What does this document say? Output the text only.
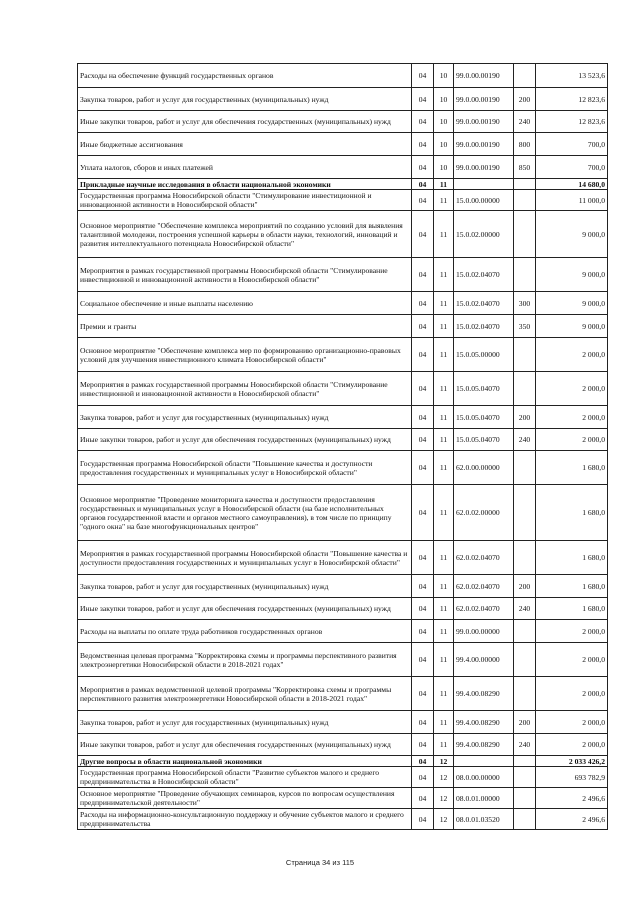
Расходы на обеспечение функций государственных органов	04	10	99.0.00.00190		13 523,6
Закупка товаров, работ и услуг для государственных (муниципальных) нужд	04	10	99.0.00.00190	200	12 823,6
Иные закупки товаров, работ и услуг для обеспечения государственных (муниципальных) нужд	04	10	99.0.00.00190	240	12 823,6
Иные бюджетные ассигнования	04	10	99.0.00.00190	800	700,0
Уплата налогов, сборов и иных платежей	04	10	99.0.00.00190	850	700,0
Прикладные научные исследования в области национальной экономики	04	11			14 680,0
Государственная программа Новосибирской области "Стимулирование инвестиционной и инновационной активности в Новосибирской области"	04	11	15.0.00.00000		11 000,0
Основное мероприятие "Обеспечение комплекса мероприятий по созданию условий для выявления талантливой молодежи, построения успешной карьеры в области науки, технологий, инноваций и развития интеллектуального потенциала Новосибирской области"	04	11	15.0.02.00000		9 000,0
Мероприятия в рамках государственной программы Новосибирской области "Стимулирование инвестиционной и инновационной активности в Новосибирской области"	04	11	15.0.02.04070		9 000,0
Социальное обеспечение и иные выплаты населению	04	11	15.0.02.04070	300	9 000,0
Премии и гранты	04	11	15.0.02.04070	350	9 000,0
Основное мероприятие "Обеспечение комплекса мер по формированию организационно-правовых условий для улучшения инвестиционного климата Новосибирской области"	04	11	15.0.05.00000		2 000,0
Мероприятия в рамках государственной программы Новосибирской области "Стимулирование инвестиционной и инновационной активности в Новосибирской области"	04	11	15.0.05.04070		2 000,0
Закупка товаров, работ и услуг для государственных (муниципальных) нужд	04	11	15.0.05.04070	200	2 000,0
Иные закупки товаров, работ и услуг для обеспечения государственных (муниципальных) нужд	04	11	15.0.05.04070	240	2 000,0
Государственная программа Новосибирской области "Повышение качества и доступности предоставления государственных и муниципальных услуг в Новосибирской области"	04	11	62.0.00.00000		1 680,0
Основное мероприятие "Проведение мониторинга качества и доступности предоставления государственных и муниципальных услуг в Новосибирской области (на базе исполнительных органов государственной власти и органов местного самоуправления), в том числе по принципу "одного окна" на базе многофункциональных центров"	04	11	62.0.02.00000		1 680,0
Мероприятия в рамках государственной программы Новосибирской области "Повышение качества и доступности предоставления государственных и муниципальных услуг в Новосибирской области"	04	11	62.0.02.04070		1 680,0
Закупка товаров, работ и услуг для государственных (муниципальных) нужд	04	11	62.0.02.04070	200	1 680,0
Иные закупки товаров, работ и услуг для обеспечения государственных (муниципальных) нужд	04	11	62.0.02.04070	240	1 680,0
Расходы на выплаты по оплате труда работников государственных органов	04	11	99.0.00.00000		2 000,0
Ведомственная целевая программа "Корректировка схемы и программы перспективного развития электроэнергетики Новосибирской области в 2018-2021 годах"	04	11	99.4.00.00000		2 000,0
Мероприятия в рамках ведомственной целевой программы "Корректировка схемы и программы перспективного развития электроэнергетики Новосибирской области в 2018-2021 годах"	04	11	99.4.00.08290		2 000,0
Закупка товаров, работ и услуг для государственных (муниципальных) нужд	04	11	99.4.00.08290	200	2 000,0
Иные закупки товаров, работ и услуг для обеспечения государственных (муниципальных) нужд	04	11	99.4.00.08290	240	2 000,0
Другие вопросы в области национальной экономики	04	12			2 033 426,2
Государственная программа Новосибирской области "Развитие субъектов малого и среднего предпринимательства в Новосибирской области"	04	12	08.0.00.00000		693 782,9
Основное мероприятие "Проведение обучающих семинаров, курсов по вопросам осуществления предпринимательской деятельности"	04	12	08.0.01.00000		2 496,6
Расходы на информационно-консультационную поддержку и обучение субъектов малого и среднего предпринимательства	04	12	08.0.01.03520		2 496,6
Страница 34 из 115
